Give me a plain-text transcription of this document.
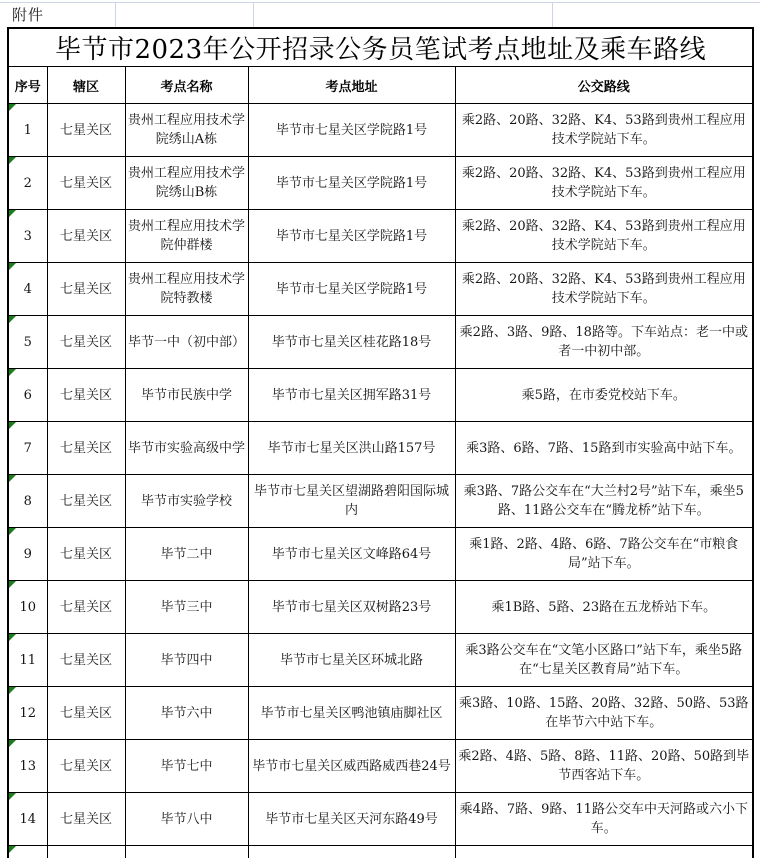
附件
毕节市2023年公开招录公务员笔试考点地址及乘车路线				
序号	辖区	考点名称	考点地址	公交路线

1	七星关区	贵州工程应用技术学院绣山A栋	毕节市七星关区学院路1号	乘2路、20路、32路、K4、53路到贵州工程应用技术学院站下车。

2	七星关区	贵州工程应用技术学院绣山B栋	毕节市七星关区学院路1号	乘2路、20路、32路、K4、53路到贵州工程应用技术学院站下车。

3	七星关区	贵州工程应用技术学院仲群楼	毕节市七星关区学院路1号	乘2路、20路、32路、K4、53路到贵州工程应用技术学院站下车。

4	七星关区	贵州工程应用技术学院特教楼	毕节市七星关区学院路1号	乘2路、20路、32路、K4、53路到贵州工程应用技术学院站下车。

5	七星关区	毕节一中（初中部）	毕节市七星关区桂花路18号	乘2路、3路、9路、18路等。下车站点：老一中或者一中初中部。

6	七星关区	毕节市民族中学	毕节市七星关区拥军路31号	乘5路，在市委党校站下车。

7	七星关区	毕节市实验高级中学	毕节市七星关区洪山路157号	乘3路、6路、7路、15路到市实验高中站下车。

8	七星关区	毕节市实验学校	毕节市七星关区望湖路碧阳国际城内	乘3路、7路公交车在“大兰村2号”站下车，乘坐5路、11路公交车在“腾龙桥”站下车。

9	七星关区	毕节二中	毕节市七星关区文峰路64号	乘1路、2路、4路、6路、7路公交车在“市粮食局”站下车。

10	七星关区	毕节三中	毕节市七星关区双树路23号	乘1B路、5路、23路在五龙桥站下车。

11	七星关区	毕节四中	毕节市七星关区环城北路	乘3路公交车在“文笔小区路口”站下车，乘坐5路在“七星关区教育局”站下车。

12	七星关区	毕节六中	毕节市七星关区鸭池镇庙脚社区	乘3路、10路、15路、20路、32路、50路、53路在毕节六中站下车。

13	七星关区	毕节七中	毕节市七星关区威西路威西巷24号	乘2路、4路、5路、8路、11路、20路、50路到毕节西客站下车。

14	七星关区	毕节八中	毕节市七星关区天河东路49号	乘4路、7路、9路、11路公交车中天河路或六小下车。
